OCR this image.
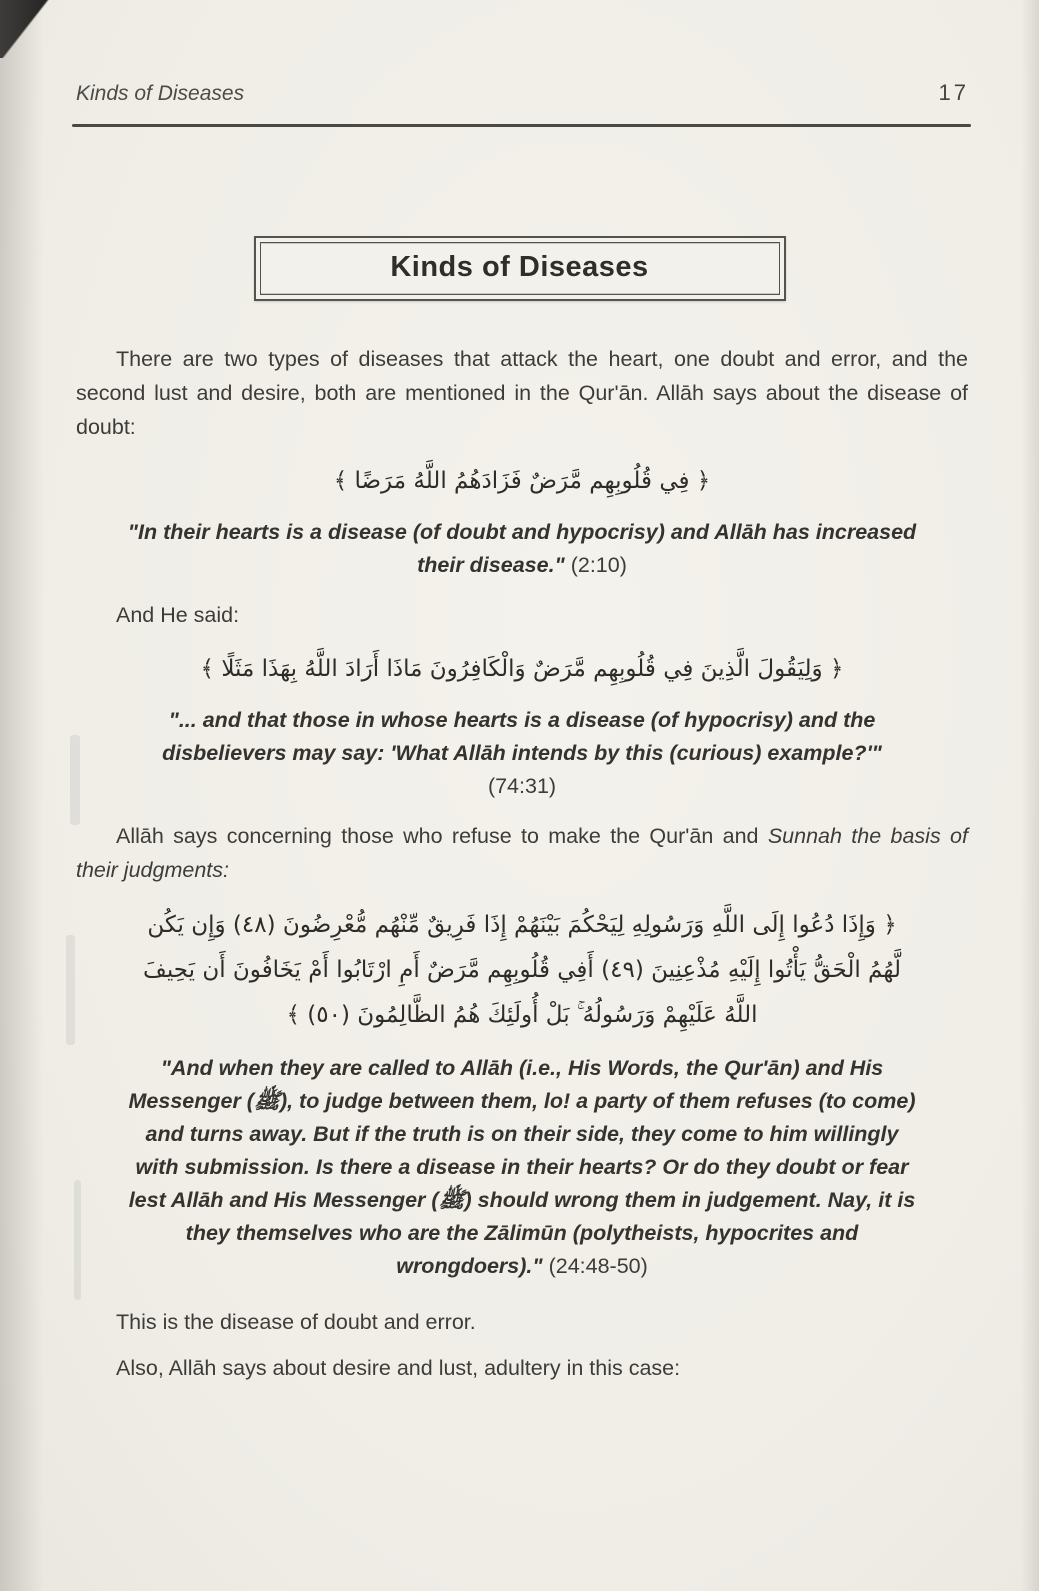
Kinds of Diseases	17
Kinds of Diseases

There are two types of diseases that attack the heart, one doubt and error, and the second lust and desire, both are mentioned in the Qur'ān. Allāh says about the disease of doubt:

﴿ فِي قُلُوبِهِم مَّرَضٌ فَزَادَهُمُ اللَّهُ مَرَضًا ﴾

"In their hearts is a disease (of doubt and hypocrisy) and Allāh has increased their disease." (2:10)

And He said:

﴿ وَلِيَقُولَ الَّذِينَ فِي قُلُوبِهِم مَّرَضٌ وَالْكَافِرُونَ مَاذَا أَرَادَ اللَّهُ بِهَذَا مَثَلًا ﴾

"... and that those in whose hearts is a disease (of hypocrisy) and the disbelievers may say: 'What Allāh intends by this (curious) example?'" (74:31)

Allāh says concerning those who refuse to make the Qur'ān and Sunnah the basis of their judgments:

﴿ وَإِذَا دُعُوا إِلَى اللَّهِ وَرَسُولِهِ لِيَحْكُمَ بَيْنَهُمْ إِذَا فَرِيقٌ مِّنْهُم مُّعْرِضُونَ (٤٨) وَإِن يَكُن
لَّهُمُ الْحَقُّ يَأْتُوا إِلَيْهِ مُذْعِنِينَ (٤٩) أَفِي قُلُوبِهِم مَّرَضٌ أَمِ ارْتَابُوا أَمْ يَخَافُونَ أَن يَحِيفَ
اللَّهُ عَلَيْهِمْ وَرَسُولُهُ ۚ بَلْ أُولَئِكَ هُمُ الظَّالِمُونَ (٥٠) ﴾

"And when they are called to Allāh (i.e., His Words, the Qur'ān) and His Messenger (ﷺ), to judge between them, lo! a party of them refuses (to come) and turns away. But if the truth is on their side, they come to him willingly with submission. Is there a disease in their hearts? Or do they doubt or fear lest Allāh and His Messenger (ﷺ) should wrong them in judgement. Nay, it is they themselves who are the Zālimūn (polytheists, hypocrites and wrongdoers)." (24:48-50)

This is the disease of doubt and error.

Also, Allāh says about desire and lust, adultery in this case:
